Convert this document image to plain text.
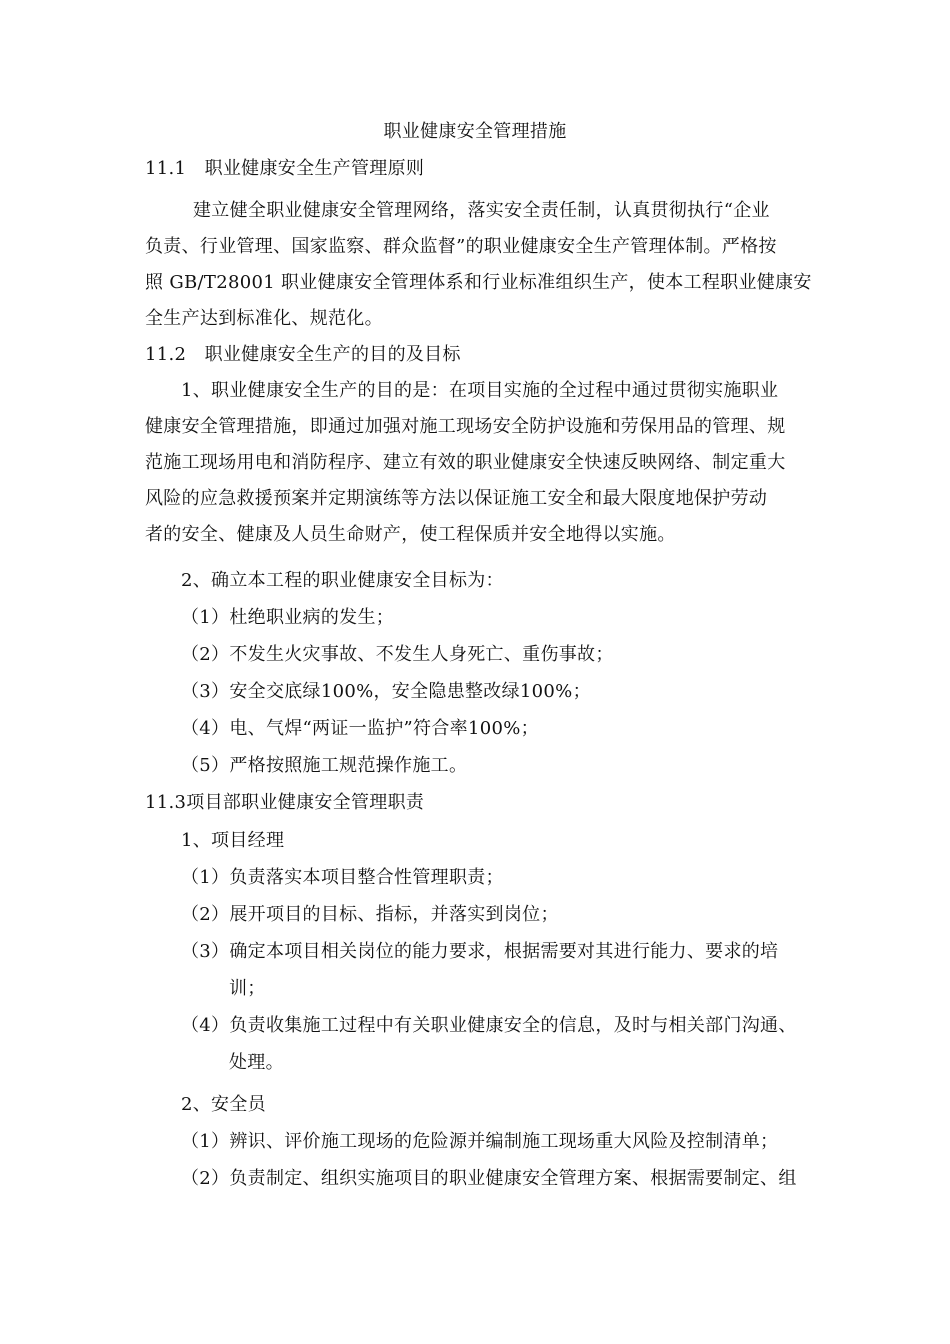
职业健康安全管理措施
11.1　职业健康安全生产管理原则
建立健全职业健康安全管理网络，落实安全责任制，认真贯彻执行“企业
负责、行业管理、国家监察、群众监督”的职业健康安全生产管理体制。严格按
照 GB/T28001 职业健康安全管理体系和行业标准组织生产，使本工程职业健康安
全生产达到标准化、规范化。
11.2　职业健康安全生产的目的及目标
1、职业健康安全生产的目的是：在项目实施的全过程中通过贯彻实施职业
健康安全管理措施，即通过加强对施工现场安全防护设施和劳保用品的管理、规
范施工现场用电和消防程序、建立有效的职业健康安全快速反映网络、制定重大
风险的应急救援预案并定期演练等方法以保证施工安全和最大限度地保护劳动
者的安全、健康及人员生命财产，使工程保质并安全地得以实施。
2、确立本工程的职业健康安全目标为：
（1）杜绝职业病的发生；
（2）不发生火灾事故、不发生人身死亡、重伤事故；
（3）安全交底绿100%，安全隐患整改绿100%；
（4）电、气焊“两证一监护”符合率100%；
（5）严格按照施工规范操作施工。
11.3项目部职业健康安全管理职责
1、项目经理
（1）负责落实本项目整合性管理职责；
（2）展开项目的目标、指标，并落实到岗位；
（3）确定本项目相关岗位的能力要求，根据需要对其进行能力、要求的培
训；
（4）负责收集施工过程中有关职业健康安全的信息，及时与相关部门沟通、
处理。
2、安全员
（1）辨识、评价施工现场的危险源并编制施工现场重大风险及控制清单；
（2）负责制定、组织实施项目的职业健康安全管理方案、根据需要制定、组
